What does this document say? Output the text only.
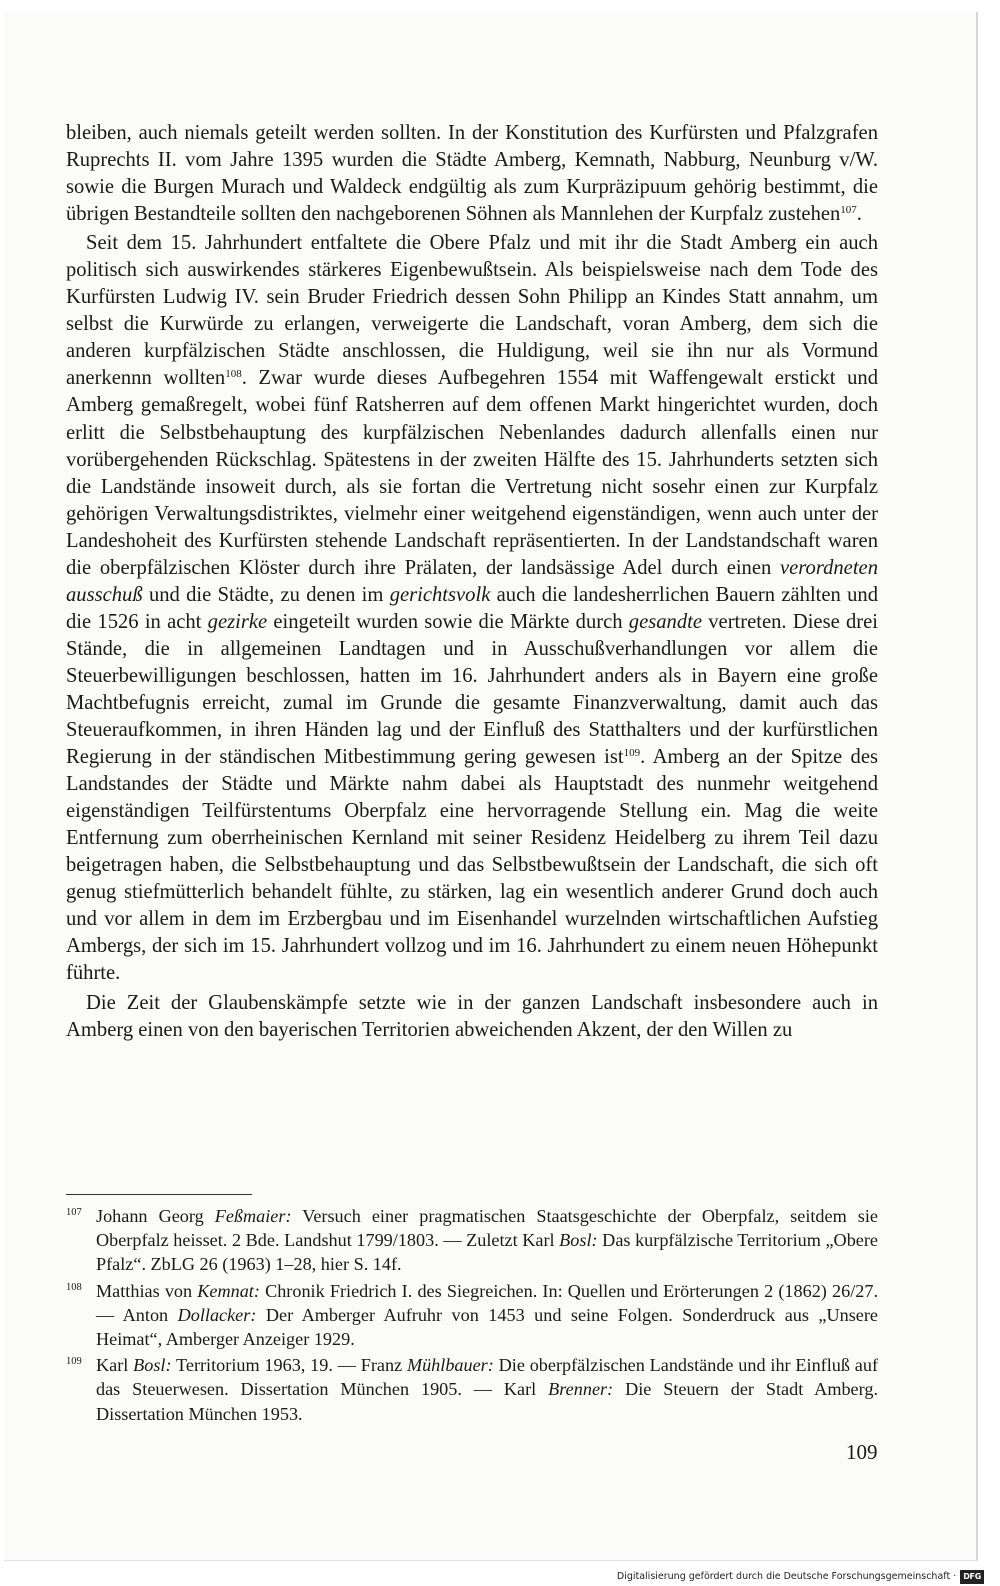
bleiben, auch niemals geteilt werden sollten. In der Konstitution des Kurfürsten und Pfalzgrafen Ruprechts II. vom Jahre 1395 wurden die Städte Amberg, Kemnath, Nabburg, Neunburg v/W. sowie die Burgen Murach und Waldeck endgültig als zum Kurpräzipuum gehörig bestimmt, die übrigen Bestandteile sollten den nachgeborenen Söhnen als Mannlehen der Kurpfalz zustehen$^{107}$.

Seit dem 15. Jahrhundert entfaltete die Obere Pfalz und mit ihr die Stadt Amberg ein auch politisch sich auswirkendes stärkeres Eigenbewußtsein. Als beispielsweise nach dem Tode des Kurfürsten Ludwig IV. sein Bruder Friedrich dessen Sohn Philipp an Kindes Statt annahm, um selbst die Kurwürde zu erlangen, verweigerte die Landschaft, voran Amberg, dem sich die anderen kurpfälzischen Städte anschlossen, die Huldigung, weil sie ihn nur als Vormund anerkennn wollten$^{108}$. Zwar wurde dieses Aufbegehren 1554 mit Waffengewalt erstickt und Amberg gemaßregelt, wobei fünf Ratsherren auf dem offenen Markt hingerichtet wurden, doch erlitt die Selbstbehauptung des kurpfälzischen Nebenlandes dadurch allenfalls einen nur vorübergehenden Rückschlag. Spätestens in der zweiten Hälfte des 15. Jahrhunderts setzten sich die Landstände insoweit durch, als sie fortan die Vertretung nicht sosehr einen zur Kurpfalz gehörigen Verwaltungsdistriktes, vielmehr einer weitgehend eigenständigen, wenn auch unter der Landeshoheit des Kurfürsten stehende Landschaft repräsentierten. In der Landstandschaft waren die oberpfälzischen Klöster durch ihre Prälaten, der landsässige Adel durch einen verordneten ausschuß und die Städte, zu denen im gerichtsvolk auch die landesherrlichen Bauern zählten und die 1526 in acht gezirke eingeteilt wurden sowie die Märkte durch gesandte vertreten. Diese drei Stände, die in allgemeinen Landtagen und in Ausschußverhandlungen vor allem die Steuerbewilligungen beschlossen, hatten im 16. Jahrhundert anders als in Bayern eine große Machtbefugnis erreicht, zumal im Grunde die gesamte Finanzverwaltung, damit auch das Steueraufkommen, in ihren Händen lag und der Einfluß des Statthalters und der kurfürstlichen Regierung in der ständischen Mitbestimmung gering gewesen ist$^{109}$. Amberg an der Spitze des Landstandes der Städte und Märkte nahm dabei als Hauptstadt des nunmehr weitgehend eigenständigen Teilfürstentums Oberpfalz eine hervorragende Stellung ein. Mag die weite Entfernung zum oberrheinischen Kernland mit seiner Residenz Heidelberg zu ihrem Teil dazu beigetragen haben, die Selbstbehauptung und das Selbstbewußtsein der Landschaft, die sich oft genug stiefmütterlich behandelt fühlte, zu stärken, lag ein wesentlich anderer Grund doch auch und vor allem in dem im Erzbergbau und im Eisenhandel wurzelnden wirtschaftlichen Aufstieg Ambergs, der sich im 15. Jahrhundert vollzog und im 16. Jahrhundert zu einem neuen Höhepunkt führte.

Die Zeit der Glaubenskämpfe setzte wie in der ganzen Landschaft insbesondere auch in Amberg einen von den bayerischen Territorien abweichenden Akzent, der den Willen zu

107 Johann Georg Feßmaier: Versuch einer pragmatischen Staatsgeschichte der Oberpfalz, seitdem sie Oberpfalz heisset. 2 Bde. Landshut 1799/1803. — Zuletzt Karl Bosl: Das kurpfälzische Territorium „Obere Pfalz“. ZbLG 26 (1963) 1–28, hier S. 14f.
108 Matthias von Kemnat: Chronik Friedrich I. des Siegreichen. In: Quellen und Erörterungen 2 (1862) 26/27. — Anton Dollacker: Der Amberger Aufruhr von 1453 und seine Folgen. Sonderdruck aus „Unsere Heimat“, Amberger Anzeiger 1929.
109 Karl Bosl: Territorium 1963, 19. — Franz Mühlbauer: Die oberpfälzischen Landstände und ihr Einfluß auf das Steuerwesen. Dissertation München 1905. — Karl Brenner: Die Steuern der Stadt Amberg. Dissertation München 1953.
109
Digitalisierung gefördert durch die Deutsche Forschungsgemeinschaft · DFG
